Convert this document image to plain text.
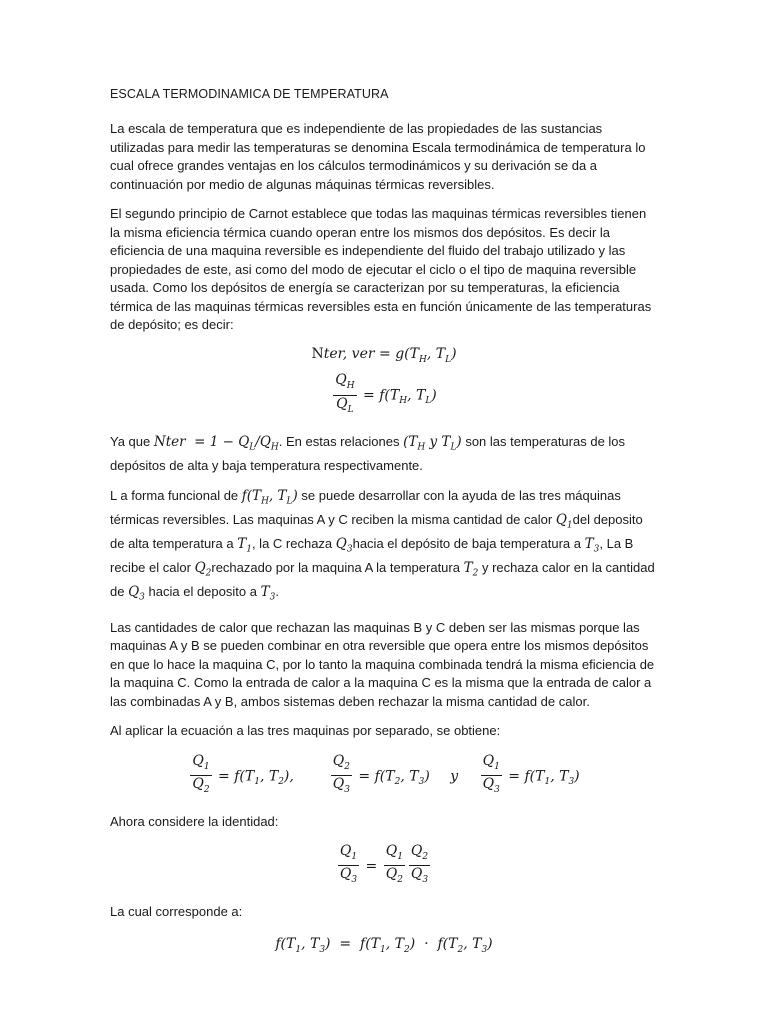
ESCALA TERMODINAMICA DE TEMPERATURA

La escala de temperatura que es independiente de las propiedades de las sustancias utilizadas para medir las temperaturas se denomina Escala termodinámica de temperatura lo cual ofrece grandes ventajas en los cálculos termodinámicos y su derivación se da a continuación por medio de algunas máquinas térmicas reversibles.

El segundo principio de Carnot establece que todas las maquinas térmicas reversibles tienen la misma eficiencia térmica cuando operan entre los mismos dos depósitos. Es decir la eficiencia de una maquina reversible es independiente del fluido del trabajo utilizado y las propiedades de este, asi como del modo de ejecutar el ciclo o el tipo de maquina reversible usada. Como los depósitos de energía se caracterizan por su temperaturas, la eficiencia térmica de las maquinas térmicas reversibles esta en función únicamente de las temperaturas de depósito; es decir:

Nter, ver = $g(T_H$, $T_L$)
$\frac{Q_H}{Q_L} = f(T_H$, $T_L$)

Ya que Nter  = $1 - Q_L/Q_H$. En estas relaciones ($T_H$ y $T_L$) son las temperaturas de los depósitos de alta y baja temperatura respectivamente.

L a forma funcional de $f(T_H$, $T_L$) se puede desarrollar con la ayuda de las tres máquinas térmicas reversibles. Las maquinas A y C reciben la misma cantidad de calor $Q_1del$ deposito de alta temperatura a $T_1$, la C rechaza $Q_3hacia$ el depósito de baja temperatura a $T_3$, La B recibe el calor $Q_2rechazado$ por la maquina A la temperatura $T_2$ y rechaza calor en la cantidad de $Q_3$ hacia el deposito a $T_3$.

Las cantidades de calor que rechazan las maquinas B y C deben ser las mismas porque las maquinas A y B se pueden combinar en otra reversible que opera entre los mismos depósitos en que lo hace la maquina C, por lo tanto la maquina combinada tendrá la misma eficiencia de la maquina C. Como la entrada de calor a la maquina C es la misma que la entrada de calor a las combinadas A y B, ambos sistemas deben rechazar la misma cantidad de calor.

Al aplicar la ecuación a las tres maquinas por separado, se obtiene:

$\frac{Q_1}{Q_2} = f(T_1$, $T_2$), $\frac{Q_2}{Q_3} = f(T_2$, $T_3$) y $\frac{Q_1}{Q_3} = f(T_1$, $T_3$)

Ahora considere la identidad:

$\frac{Q_1}{Q_3} = \frac{Q_1}{Q_2} \frac{Q_2}{Q_3}$

La cual corresponde a:

$f(T_1$, $T_3) = f(T_1$, $T_2) \cdot f(T_2$, $T_3$)
